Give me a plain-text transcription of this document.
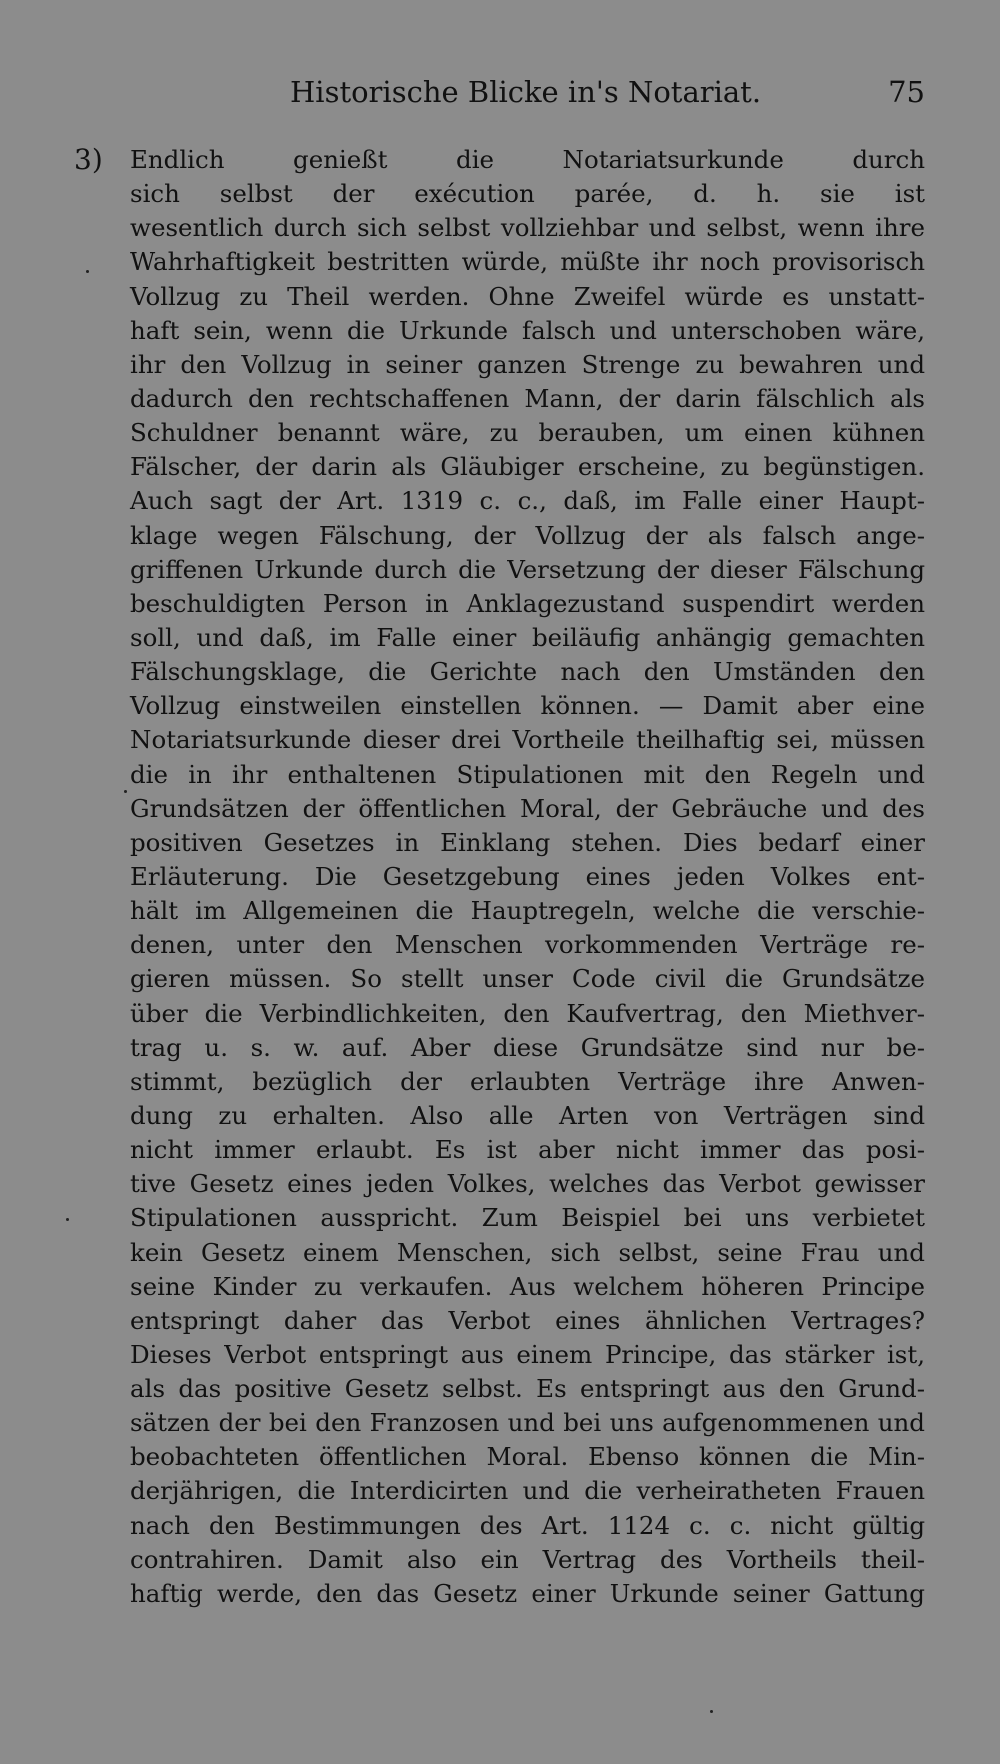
Historische Blicke in's Notariat.	75
3) Endlich genießt die Notariatsurkunde durch
sich selbst der exécution parée, d. h. sie ist
wesentlich durch sich selbst vollziehbar und selbst, wenn ihre
Wahrhaftigkeit bestritten würde, müßte ihr noch provisorisch
Vollzug zu Theil werden. Ohne Zweifel würde es unstatt-
haft sein, wenn die Urkunde falsch und unterschoben wäre,
ihr den Vollzug in seiner ganzen Strenge zu bewahren und
dadurch den rechtschaffenen Mann, der darin fälschlich als
Schuldner benannt wäre, zu berauben, um einen kühnen
Fälscher, der darin als Gläubiger erscheine, zu begünstigen.
Auch sagt der Art. 1319 c. c., daß, im Falle einer Haupt-
klage wegen Fälschung, der Vollzug der als falsch ange-
griffenen Urkunde durch die Versetzung der dieser Fälschung
beschuldigten Person in Anklagezustand suspendirt werden
soll, und daß, im Falle einer beiläufig anhängig gemachten
Fälschungsklage, die Gerichte nach den Umständen den
Vollzug einstweilen einstellen können. — Damit aber eine
Notariatsurkunde dieser drei Vortheile theilhaftig sei, müssen
die in ihr enthaltenen Stipulationen mit den Regeln und
Grundsätzen der öffentlichen Moral, der Gebräuche und des
positiven Gesetzes in Einklang stehen. Dies bedarf einer
Erläuterung. Die Gesetzgebung eines jeden Volkes ent-
hält im Allgemeinen die Hauptregeln, welche die verschie-
denen, unter den Menschen vorkommenden Verträge re-
gieren müssen. So stellt unser Code civil die Grundsätze
über die Verbindlichkeiten, den Kaufvertrag, den Miethver-
trag u. s. w. auf. Aber diese Grundsätze sind nur be-
stimmt, bezüglich der erlaubten Verträge ihre Anwen-
dung zu erhalten. Also alle Arten von Verträgen sind
nicht immer erlaubt. Es ist aber nicht immer das posi-
tive Gesetz eines jeden Volkes, welches das Verbot gewisser
Stipulationen ausspricht. Zum Beispiel bei uns verbietet
kein Gesetz einem Menschen, sich selbst, seine Frau und
seine Kinder zu verkaufen. Aus welchem höheren Principe
entspringt daher das Verbot eines ähnlichen Vertrages?
Dieses Verbot entspringt aus einem Principe, das stärker ist,
als das positive Gesetz selbst. Es entspringt aus den Grund-
sätzen der bei den Franzosen und bei uns aufgenommenen und
beobachteten öffentlichen Moral. Ebenso können die Min-
derjährigen, die Interdicirten und die verheiratheten Frauen
nach den Bestimmungen des Art. 1124 c. c. nicht gültig
contrahiren. Damit also ein Vertrag des Vortheils theil-
haftig werde, den das Gesetz einer Urkunde seiner Gattung
